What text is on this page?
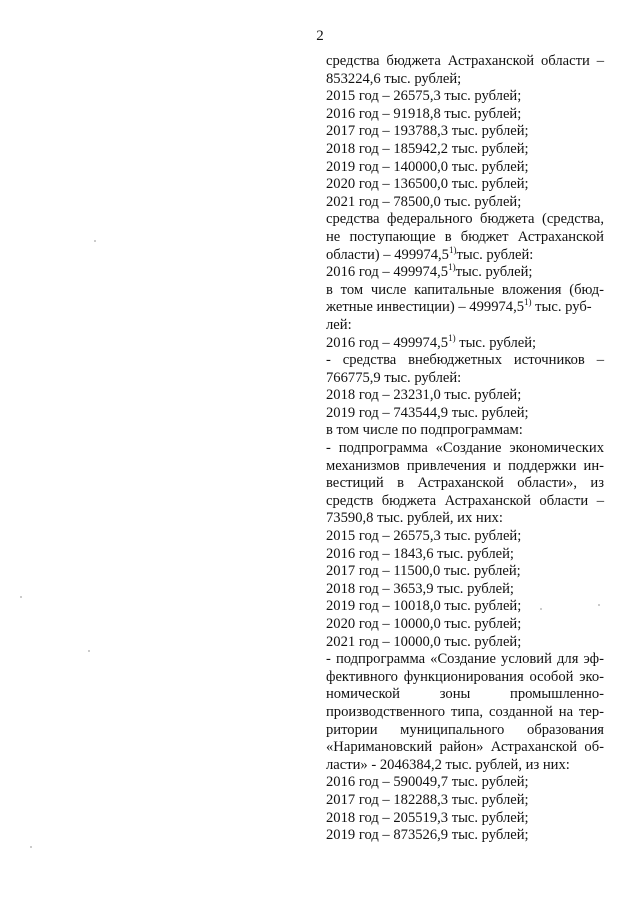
2
средства бюджета Астраханской области –
853224,6 тыс. рублей;
2015 год – 26575,3 тыс. рублей;
2016 год – 91918,8 тыс. рублей;
2017 год – 193788,3 тыс. рублей;
2018 год – 185942,2 тыс. рублей;
2019 год – 140000,0 тыс. рублей;
2020 год – 136500,0 тыс. рублей;
2021 год – 78500,0 тыс. рублей;
средства федерального бюджета (средства,
не поступающие в бюджет Астраханской
области) – 499974,5$^{1)}$тыс. рублей:
2016 год – 499974,5$^{1)}$тыс. рублей;
в том числе капитальные вложения (бюд-
жетные инвестиции) – 499974,5$^{1)}$ тыс. руб-
лей:
2016 год – 499974,5$^{1)}$ тыс. рублей;
- средства внебюджетных источников –
766775,9 тыс. рублей:
2018 год – 23231,0 тыс. рублей;
2019 год – 743544,9 тыс. рублей;
в том числе по подпрограммам:
- подпрограмма «Создание экономических
механизмов привлечения и поддержки ин-
вестиций в Астраханской области», из
средств бюджета Астраханской области –
73590,8 тыс. рублей, их них:
2015 год – 26575,3 тыс. рублей;
2016 год – 1843,6 тыс. рублей;
2017 год – 11500,0 тыс. рублей;
2018 год – 3653,9 тыс. рублей;
2019 год – 10018,0 тыс. рублей;
2020 год – 10000,0 тыс. рублей;
2021 год – 10000,0 тыс. рублей;
- подпрограмма «Создание условий для эф-
фективного функционирования особой эко-
номической зоны промышленно-
производственного типа, созданной на тер-
ритории муниципального образования
«Наримановский район» Астраханской об-
ласти» - 2046384,2 тыс. рублей, из них:
2016 год – 590049,7 тыс. рублей;
2017 год – 182288,3 тыс. рублей;
2018 год – 205519,3 тыс. рублей;
2019 год – 873526,9 тыс. рублей;
